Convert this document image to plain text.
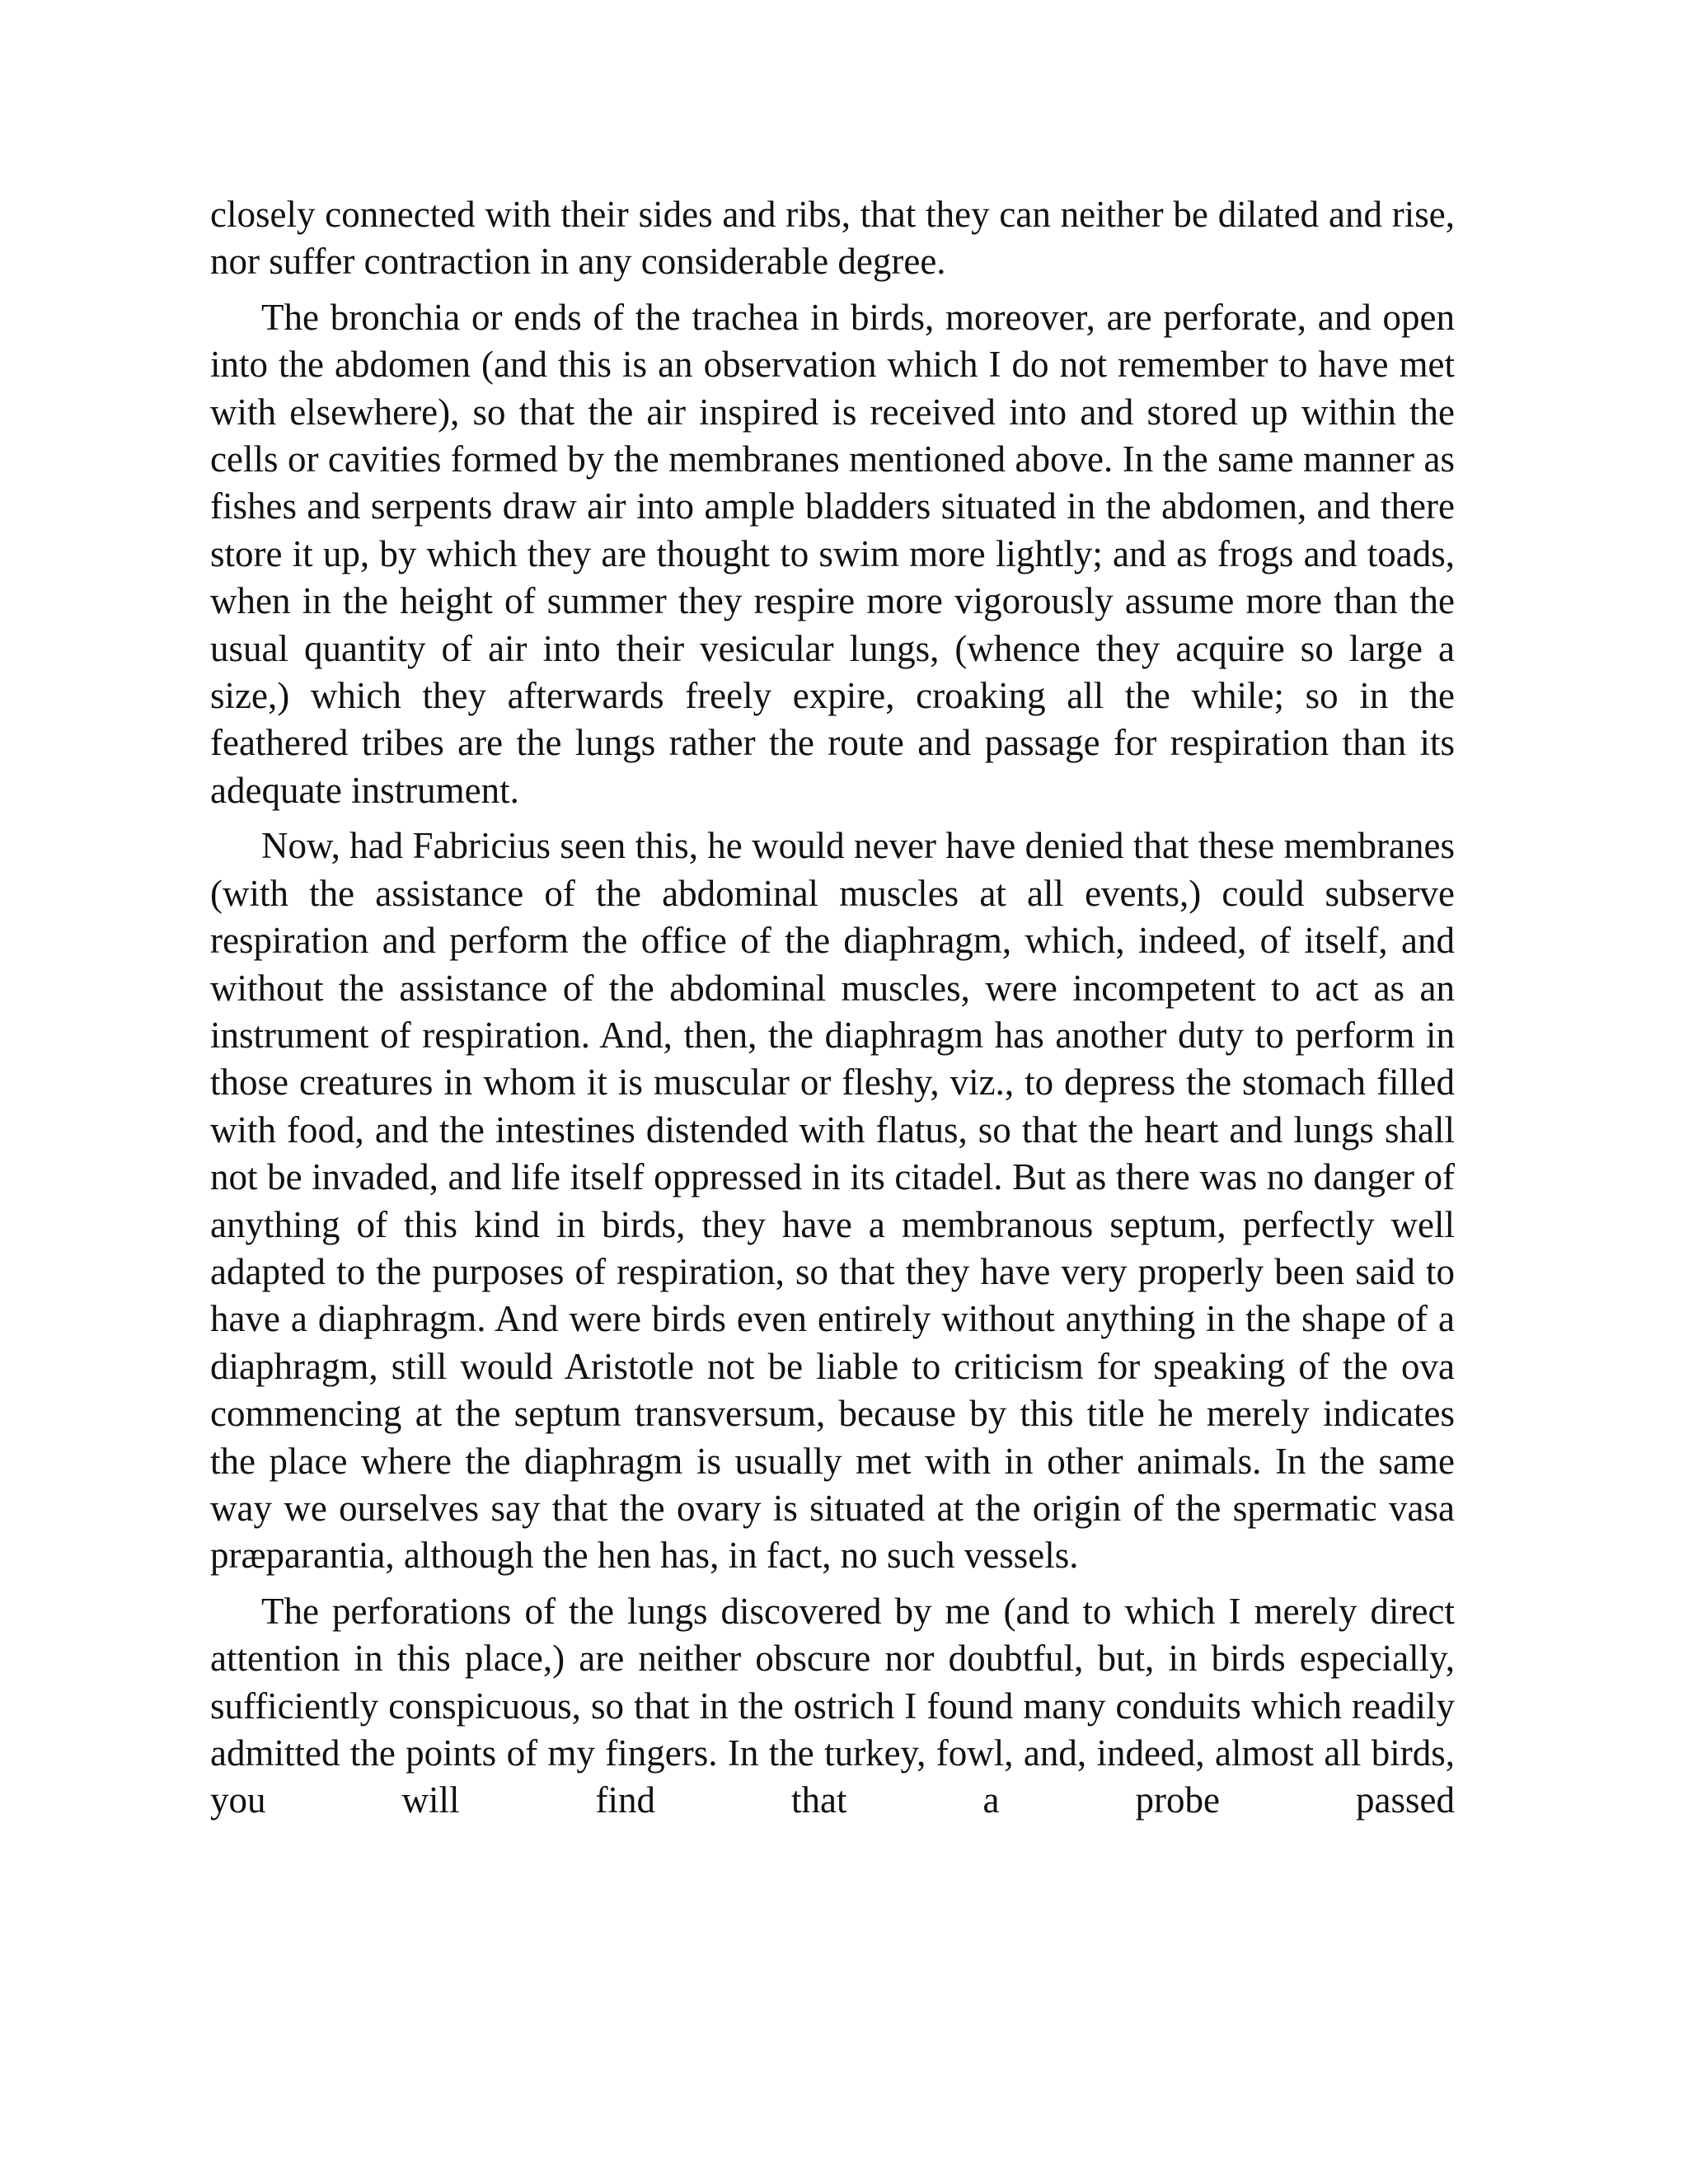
closely connected with their sides and ribs, that they can neither be dilated and rise, nor suffer contraction in any considerable degree.

The bronchia or ends of the trachea in birds, moreover, are perforate, and open into the abdomen (and this is an observation which I do not remember to have met with elsewhere), so that the air inspired is received into and stored up within the cells or cavities formed by the membranes mentioned above. In the same manner as fishes and serpents draw air into ample bladders situated in the abdomen, and there store it up, by which they are thought to swim more lightly; and as frogs and toads, when in the height of summer they respire more vigorously assume more than the usual quantity of air into their vesicular lungs, (whence they acquire so large a size,) which they afterwards freely expire, croaking all the while; so in the feathered tribes are the lungs rather the route and passage for respiration than its adequate instrument.

Now, had Fabricius seen this, he would never have denied that these membranes (with the assistance of the abdominal muscles at all events,) could subserve respiration and perform the office of the diaphragm, which, indeed, of itself, and without the assistance of the abdominal muscles, were incompetent to act as an instrument of respiration. And, then, the diaphragm has another duty to perform in those creatures in whom it is muscular or fleshy, viz., to depress the stomach filled with food, and the intestines distended with flatus, so that the heart and lungs shall not be invaded, and life itself oppressed in its citadel. But as there was no danger of anything of this kind in birds, they have a membranous septum, perfectly well adapted to the purposes of respiration, so that they have very properly been said to have a diaphragm. And were birds even entirely without anything in the shape of a diaphragm, still would Aristotle not be liable to criticism for speaking of the ova commencing at the septum transversum, because by this title he merely indicates the place where the diaphragm is usually met with in other animals. In the same way we ourselves say that the ovary is situated at the origin of the spermatic vasa præparantia, although the hen has, in fact, no such vessels.

The perforations of the lungs discovered by me (and to which I merely direct attention in this place,) are neither obscure nor doubtful, but, in birds especially, sufficiently conspicuous, so that in the ostrich I found many conduits which readily admitted the points of my fingers. In the turkey, fowl, and, indeed, almost all birds, you will find that a probe passed
